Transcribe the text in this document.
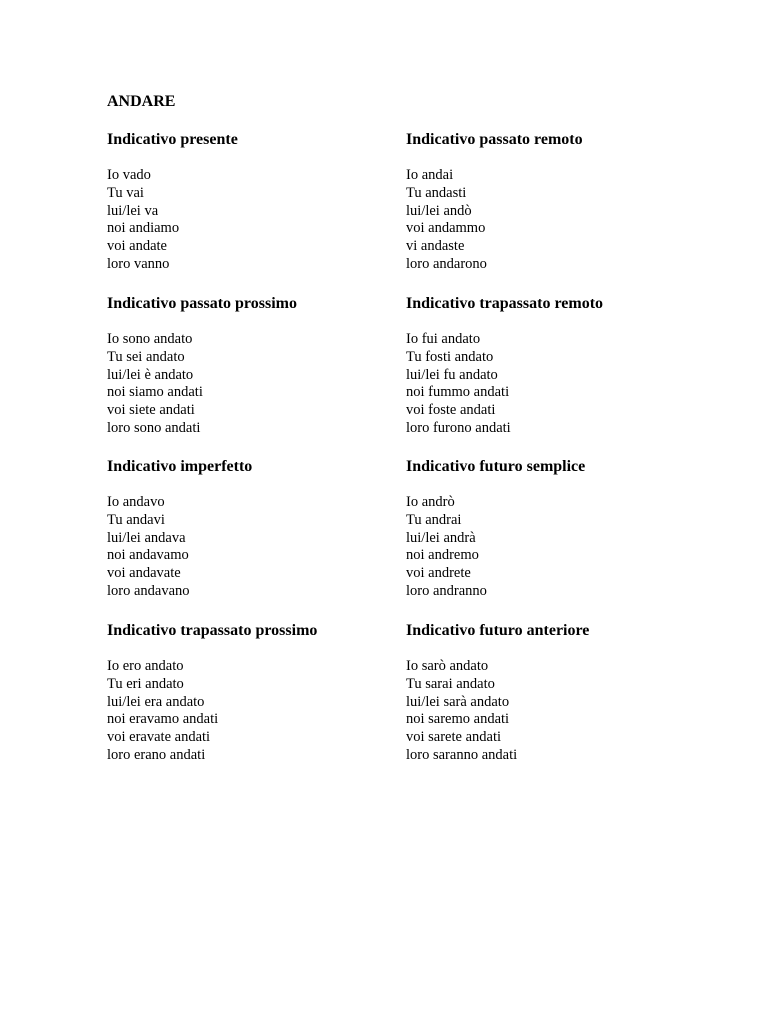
ANDARE
Indicativo presente
Io vado
Tu vai
lui/lei va
noi andiamo
voi andate
loro vanno
Indicativo passato remoto
Io andai
Tu andasti
lui/lei andò
voi andammo
vi andaste
loro andarono
Indicativo passato prossimo
Io sono andato
Tu sei andato
lui/lei è andato
noi siamo andati
voi siete andati
loro sono andati
Indicativo trapassato remoto
Io fui andato
Tu fosti andato
lui/lei fu andato
noi fummo andati
voi foste andati
loro furono andati
Indicativo imperfetto
Io andavo
Tu andavi
lui/lei andava
noi andavamo
voi andavate
loro andavano
Indicativo futuro semplice
Io andrò
Tu andrai
lui/lei andrà
noi andremo
voi andrete
loro andranno
Indicativo trapassato prossimo
Io ero andato
Tu eri andato
lui/lei era andato
noi eravamo andati
voi eravate andati
loro erano andati
Indicativo futuro anteriore
Io sarò andato
Tu sarai andato
lui/lei sarà andato
noi saremo andati
voi sarete andati
loro saranno andati
